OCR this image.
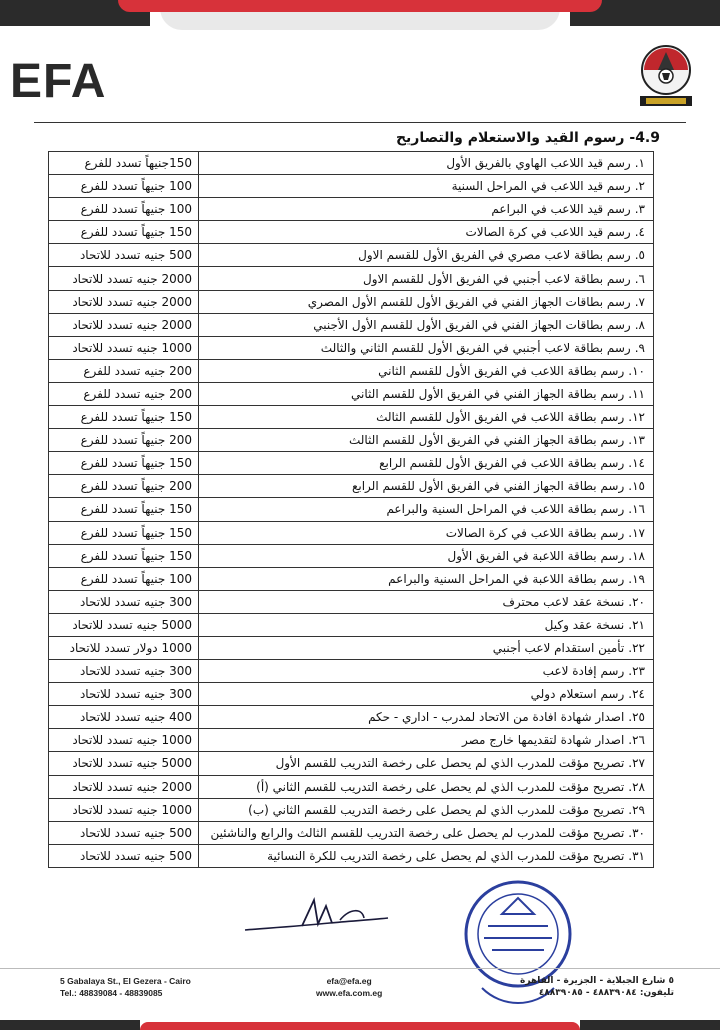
EFA
4.9- رسوم القيد والاستعلام والتصاريح
150جنيهاً تسدد للفرع	١.رسم قيد اللاعب الهاوي بالفريق الأول
100 جنيهاً تسدد للفرع	٢.رسم قيد اللاعب في المراحل السنية
100 جنيهاً تسدد للفرع	٣.رسم قيد اللاعب في البراعم
150 جنيهاً تسدد للفرع	٤.رسم قيد اللاعب في كرة الصالات
500 جنيه تسدد للاتحاد	٥.رسم بطاقة لاعب مصري في الفريق الأول للقسم الاول
2000 جنيه تسدد للاتحاد	٦.رسم بطاقة لاعب أجنبي في الفريق الأول للقسم الاول
2000 جنيه تسدد للاتحاد	٧.رسم بطاقات الجهاز الفني في الفريق الأول للقسم الأول المصري
2000 جنيه تسدد للاتحاد	٨.رسم بطاقات الجهاز الفني في الفريق الأول للقسم الأول الأجنبي
1000 جنيه تسدد للاتحاد	٩.رسم بطاقة لاعب أجنبي في الفريق الأول للقسم الثاني والثالث
200 جنيه تسدد للفرع	١٠.رسم بطاقة اللاعب في الفريق الأول للقسم الثاني
200 جنيه تسدد للفرع	١١.رسم بطاقة الجهاز الفني في الفريق الأول للقسم الثاني
150 جنيهاً تسدد للفرع	١٢.رسم بطاقة اللاعب في الفريق الأول للقسم الثالث
200 جنيهاً تسدد للفرع	١٣.رسم بطاقة الجهاز الفني في الفريق الأول للقسم الثالث
150 جنيهاً تسدد للفرع	١٤.رسم بطاقة اللاعب في الفريق الأول للقسم الرابع
200 جنيهاً تسدد للفرع	١٥.رسم بطاقة الجهاز الفني في الفريق الأول للقسم الرابع
150 جنيهاً تسدد للفرع	١٦.رسم بطاقة اللاعب في المراحل السنية والبراعم
150 جنيهاً تسدد للفرع	١٧.رسم بطاقة اللاعب في كرة الصالات
150 جنيهاً تسدد للفرع	١٨.رسم بطاقة اللاعبة في الفريق الأول
100 جنيهاً تسدد للفرع	١٩.رسم بطاقة اللاعبة في المراحل السنية والبراعم
300 جنيه تسدد للاتحاد	٢٠.نسخة عقد لاعب محترف
5000 جنيه تسدد للاتحاد	٢١.نسخة عقد وكيل
1000 دولار تسدد للاتحاد	٢٢.تأمين استقدام لاعب أجنبي
300 جنيه تسدد للاتحاد	٢٣.رسم إفادة لاعب
300 جنيه تسدد للاتحاد	٢٤.رسم استعلام دولي
400 جنيه تسدد للاتحاد	٢٥.اصدار شهادة افادة من الاتحاد لمدرب - اداري - حكم
1000 جنيه تسدد للاتحاد	٢٦.اصدار شهادة لتقديمها خارج مصر
5000 جنيه تسدد للاتحاد	٢٧.تصريح مؤقت للمدرب الذي لم يحصل على رخصة التدريب للقسم الأول
2000 جنيه تسدد للاتحاد	٢٨.تصريح مؤقت للمدرب الذي لم يحصل على رخصة التدريب للقسم الثاني (أ)
1000 جنيه تسدد للاتحاد	٢٩.تصريح مؤقت للمدرب الذي لم يحصل على رخصة التدريب للقسم الثاني (ب)
500 جنيه تسدد للاتحاد	٣٠.تصريح مؤقت للمدرب لم يحصل على رخصة التدريب للقسم الثالث والرابع والناشئين
500 جنيه تسدد للاتحاد	٣١.تصريح مؤقت للمدرب الذي لم يحصل على رخصة التدريب للكرة النسائية
5 Gabalaya St., El Gezera - Cairo
Tel.: 48839084 - 48839085
efa@efa.eg
www.efa.com.eg
٥ شارع الجبلاية - الجزيرة - القاهرة
تليفون: ٤٨٨٣٩٠٨٤ - ٤٨٨٣٩٠٨٥
